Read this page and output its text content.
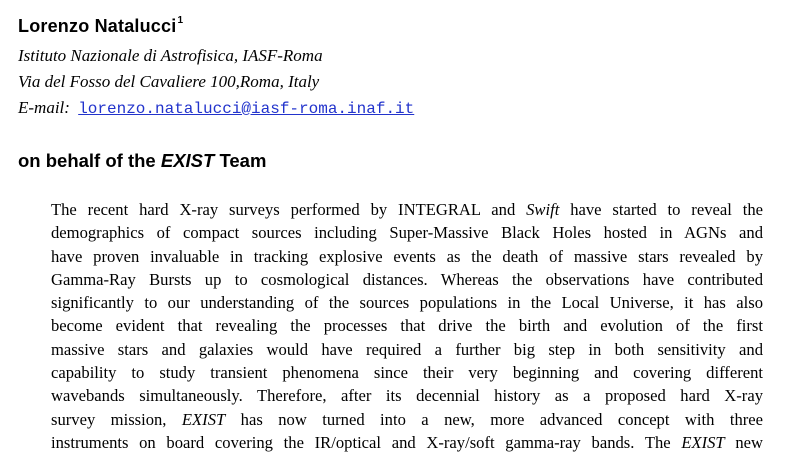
Lorenzo Natalucci$^1$
Istituto Nazionale di Astrofisica, IASF-Roma
Via del Fosso del Cavaliere 100,Roma, Italy
E-mail: lorenzo.natalucci@iasf-roma.inaf.it
on behalf of the EXIST Team
The recent hard X-ray surveys performed by INTEGRAL and Swift have started to reveal the
demographics of compact sources including Super-Massive Black Holes hosted in AGNs and
have proven invaluable in tracking explosive events as the death of massive stars revealed by
Gamma-Ray Bursts up to cosmological distances. Whereas the observations have contributed
significantly to our understanding of the sources populations in the Local Universe, it has also
become evident that revealing the processes that drive the birth and evolution of the first
massive stars and galaxies would have required a further big step in both sensitivity and
capability to study transient phenomena since their very beginning and covering different
wavebands simultaneously. Therefore, after its decennial history as a proposed hard X-ray
survey mission, EXIST has now turned into a new, more advanced concept with three
instruments on board covering the IR/optical and X-ray/soft gamma-ray bands. The EXIST new
